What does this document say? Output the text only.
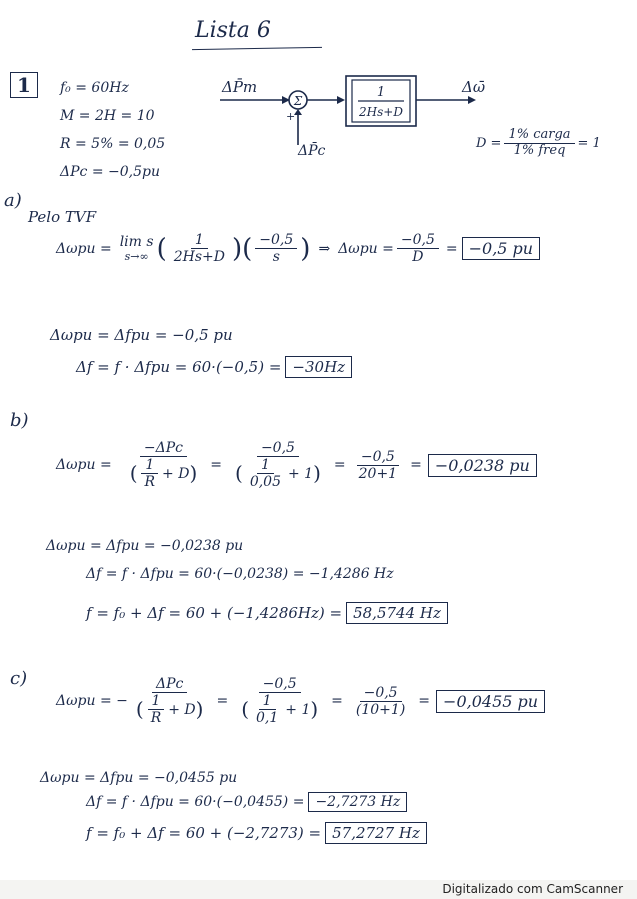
Lista 6
1	f₀ = 60Hz
M = 2H = 10
R = 5% = 0,05
ΔPc = −0,5pu
Σ
+
1
2Hs+D
ΔP̄m
ΔP̄c
Δω̄
$D = \frac{\text{1\% carga}}{\text{1\% freq}} = 1$
a)
Pelo TVF
Δωpu = lim s
s→∞ ( $\frac{1}{2Hs+D}$ ) ( $\frac{-0,5}{s}$ ) ⇒ $\Delta\omega pu = \frac{-0,5}{D} = -0,5$ pu
Δωpu = Δfpu = −0,5 pu
Δf = f · Δfpu = 60·(−0,5) = −30Hz
b)
Δωpu =
−ΔPc
( $\frac{1}{R} + D$ ) =
−0,5
( $\frac{1}{0,05} + 1$ ) = $\frac{-0,5}{20+1} = -0,0238$ pu
Δωpu = Δfpu = −0,0238 pu
Δf = f · Δfpu = 60·(−0,0238) = −1,4286 Hz
f = f₀ + Δf = 60 + (−1,4286Hz) = 58,5744 Hz
c)
Δωpu = −
ΔPc
( $\frac{1}{R} + D$ ) =
−0,5
( $\frac{1}{0,1} + 1$ ) = $\frac{-0,5}{(10+1)} = -0,0455$ pu
Δωpu = Δfpu = −0,0455 pu
Δf = f · Δfpu = 60·(−0,0455) = −2,7273 Hz
f = f₀ + Δf = 60 + (−2,7273) = 57,2727 Hz
Digitalizado com CamScanner
